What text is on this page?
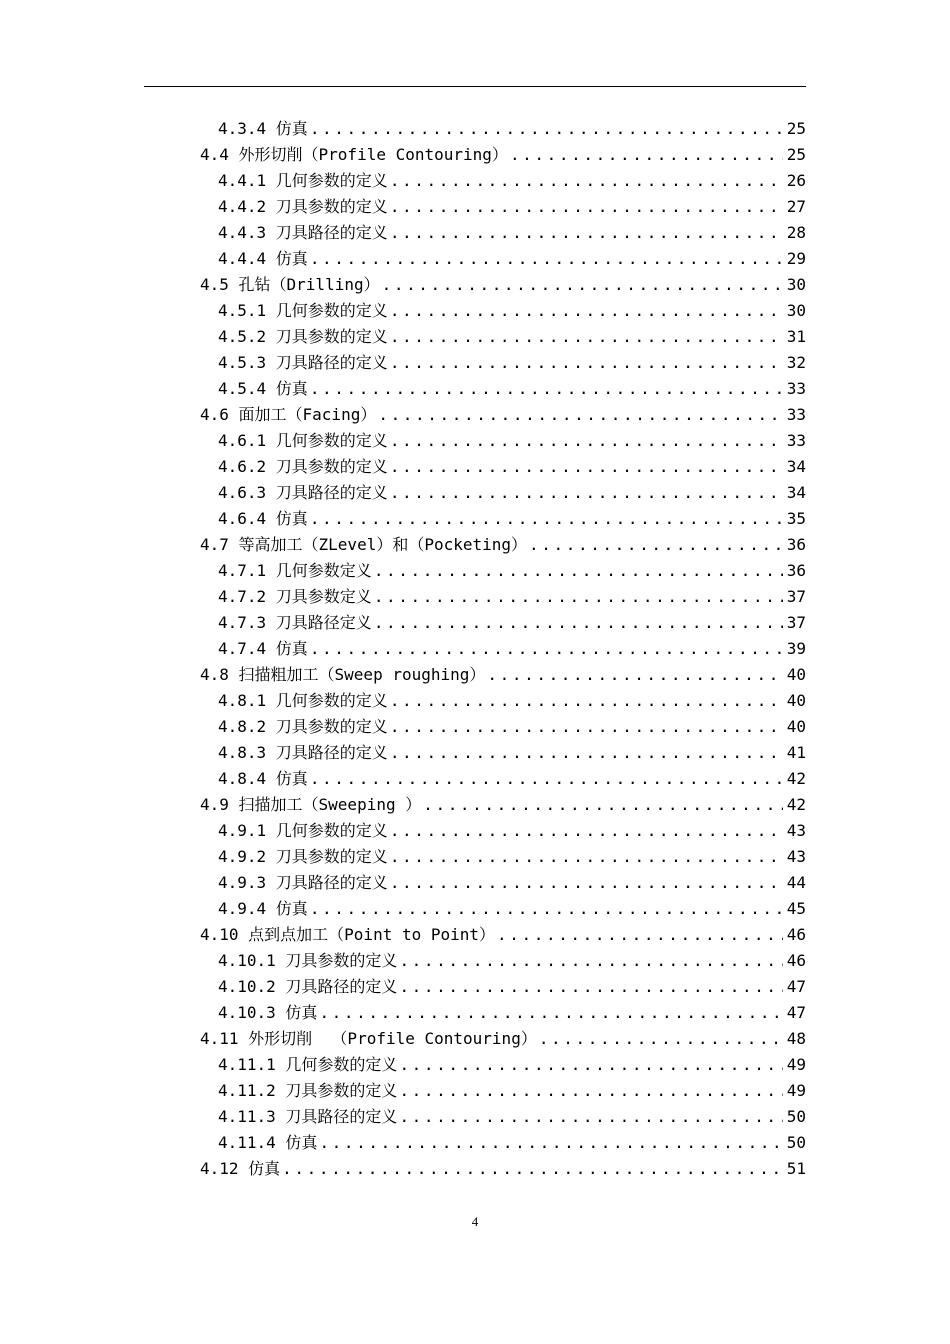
4.3.4 仿真 .....	25
4.4 外形切削（Profile Contouring） .....	25
4.4.1 几何参数的定义 .....	26
4.4.2 刀具参数的定义 .....	27
4.4.3 刀具路径的定义 .....	28
4.4.4 仿真 .....	29
4.5 孔钻（Drilling） .....	30
4.5.1 几何参数的定义 .....	30
4.5.2 刀具参数的定义 .....	31
4.5.3 刀具路径的定义 .....	32
4.5.4 仿真 .....	33
4.6 面加工（Facing） .....	33
4.6.1 几何参数的定义 .....	33
4.6.2 刀具参数的定义 .....	34
4.6.3 刀具路径的定义 .....	34
4.6.4 仿真 .....	35
4.7 等高加工（ZLevel）和（Pocketing） .....	36
4.7.1 几何参数定义 .....	36
4.7.2 刀具参数定义 .....	37
4.7.3 刀具路径定义 .....	37
4.7.4 仿真 .....	39
4.8 扫描粗加工（Sweep roughing） .....	40
4.8.1 几何参数的定义 .....	40
4.8.2 刀具参数的定义 .....	40
4.8.3 刀具路径的定义 .....	41
4.8.4 仿真 .....	42
4.9 扫描加工（Sweeping ） .....	42
4.9.1 几何参数的定义 .....	43
4.9.2 刀具参数的定义 .....	43
4.9.3 刀具路径的定义 .....	44
4.9.4 仿真 .....	45
4.10 点到点加工（Point to Point） .....	46
4.10.1 刀具参数的定义 .....	46
4.10.2 刀具路径的定义 .....	47
4.10.3 仿真 .....	47
4.11 外形切削  （Profile Contouring） .....	48
4.11.1 几何参数的定义 .....	49
4.11.2 刀具参数的定义 .....	49
4.11.3 刀具路径的定义 .....	50
4.11.4 仿真 .....	50
4.12 仿真 .....	51
4
